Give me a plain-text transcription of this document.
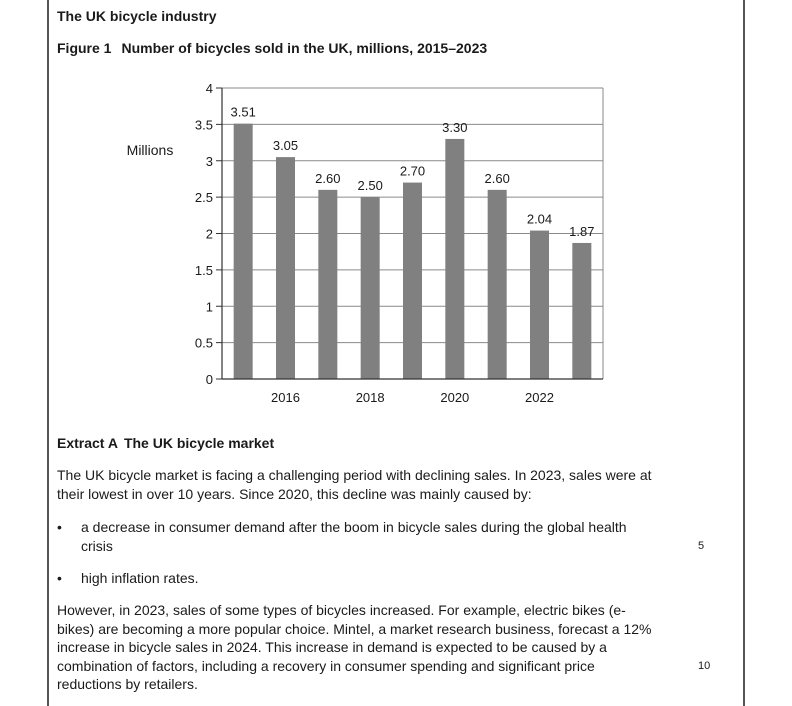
The UK bicycle industry
Figure 1 Number of bicycles sold in the UK, millions, 2015–2023
0
0.5
1
1.5
2
2.5
3
3.5
4
3.51
3.05
2016
2.60 2.50
2018
2.70
3.30
2020
2.60
2.04
2022
1.87
Millions
Extract A The UK bicycle market

The UK bicycle market is facing a challenging period with declining sales. In 2023, sales were at their lowest in over 10 years. Since 2020, this decline was mainly caused by:

• a decrease in consumer demand after the boom in bicycle sales during the global health crisis
• high inflation rates.

However, in 2023, sales of some types of bicycles increased. For example, electric bikes (e-bikes) are becoming a more popular choice. Mintel, a market research business, forecast a 12% increase in bicycle sales in 2024. This increase in demand is expected to be caused by a combination of factors, including a recovery in consumer spending and significant price reductions by retailers.

5
10
